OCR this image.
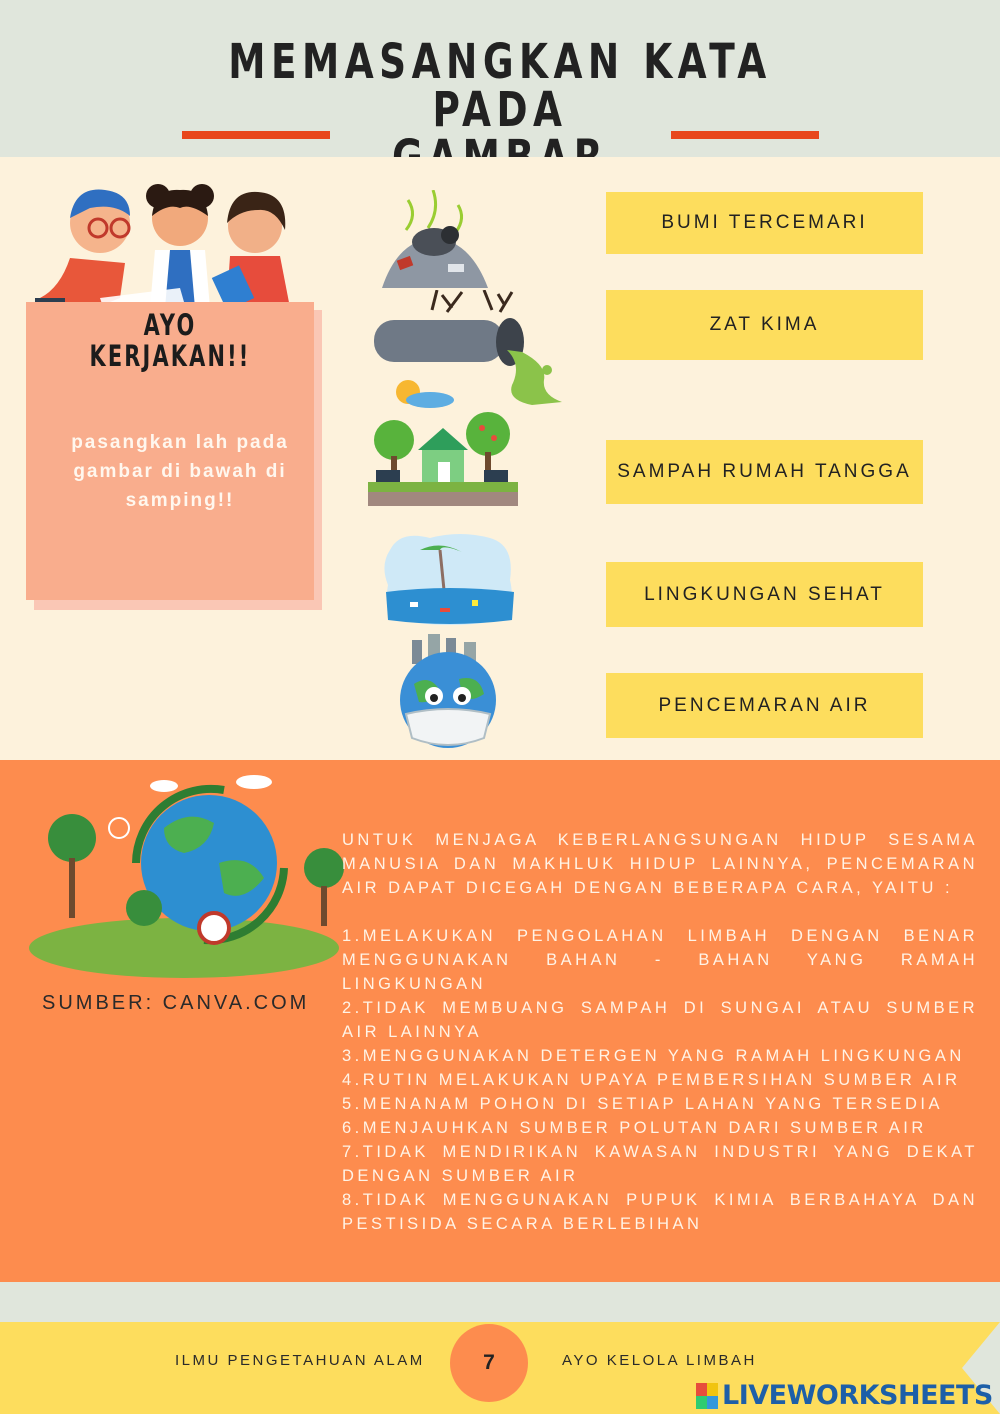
MEMASANGKAN KATA PADA
AYO
KERJAKAN!!
pasangkan lah pada gambar di bawah di samping!!
BUMI TERCEMARI
ZAT KIMA
SAMPAH RUMAH TANGGA
LINGKUNGAN SEHAT
PENCEMARAN AIR
SUMBER: CANVA.COM

UNTUK MENJAGA KEBERLANGSUNGAN HIDUP SESAMA MANUSIA DAN MAKHLUK HIDUP LAINNYA, PENCEMARAN AIR DAPAT DICEGAH DENGAN BEBERAPA CARA, YAITU :

1.MELAKUKAN PENGOLAHAN LIMBAH DENGAN BENAR MENGGUNAKAN BAHAN - BAHAN YANG RAMAH LINGKUNGAN

2.TIDAK MEMBUANG SAMPAH DI SUNGAI ATAU SUMBER AIR LAINNYA

3.MENGGUNAKAN DETERGEN YANG RAMAH LINGKUNGAN

4.RUTIN MELAKUKAN UPAYA PEMBERSIHAN SUMBER AIR

5.MENANAM POHON DI SETIAP LAHAN YANG TERSEDIA

6.MENJAUHKAN SUMBER POLUTAN DARI SUMBER AIR

7.TIDAK MENDIRIKAN KAWASAN INDUSTRI YANG DEKAT DENGAN SUMBER AIR

8.TIDAK MENGGUNAKAN PUPUK KIMIA BERBAHAYA DAN PESTISIDA SECARA BERLEBIHAN

ILMU PENGETAHUAN ALAM	7	AYO KELOLA LIMBAH
LIVEWORKSHEETS
